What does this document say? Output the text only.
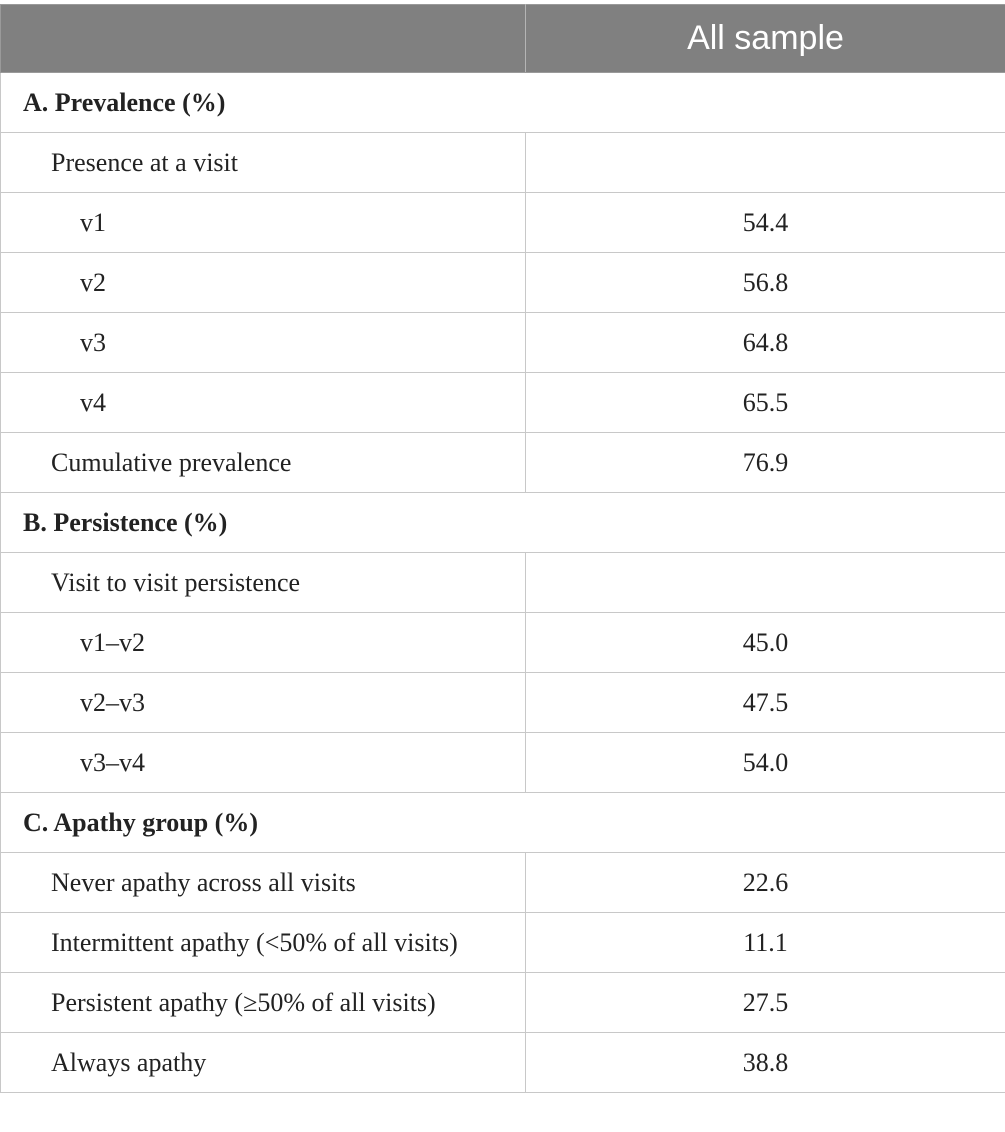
	All sample
A. Prevalence (%)	
Presence at a visit	
v1	54.4
v2	56.8
v3	64.8
v4	65.5
Cumulative prevalence	76.9
B. Persistence (%)	
Visit to visit persistence	
v1–v2	45.0
v2–v3	47.5
v3–v4	54.0
C. Apathy group (%)	
Never apathy across all visits	22.6
Intermittent apathy (<50% of all visits)	11.1
Persistent apathy (≥50% of all visits)	27.5
Always apathy	38.8
